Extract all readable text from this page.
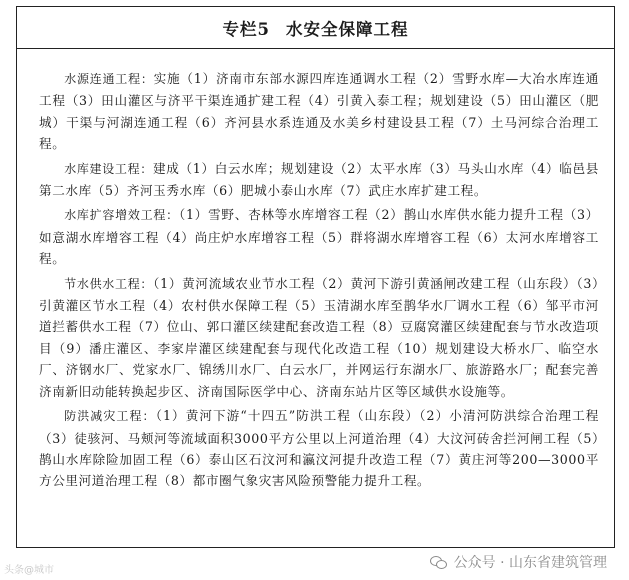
专栏5 水安全保障工程

水源连通工程：实施（1）济南市东部水源四库连通调水工程（2）雪野水库—大冶水库连通工程（3）田山灌区与济平干渠连通扩建工程（4）引黄入泰工程；规划建设（5）田山灌区（肥城）干渠与河湖连通工程（6）齐河县水系连通及水美乡村建设县工程（7）土马河综合治理工程。

水库建设工程：建成（1）白云水库；规划建设（2）太平水库（3）马头山水库（4）临邑县第二水库（5）齐河玉秀水库（6）肥城小泰山水库（7）武庄水库扩建工程。

水库扩容增效工程：（1）雪野、杏林等水库增容工程（2）鹊山水库供水能力提升工程（3）如意湖水库增容工程（4）尚庄炉水库增容工程（5）群将湖水库增容工程（6）太河水库增容工程。

节水供水工程：（1）黄河流域农业节水工程（2）黄河下游引黄涵闸改建工程（山东段）（3）引黄灌区节水工程（4）农村供水保障工程（5）玉清湖水库至鹊华水厂调水工程（6）邹平市河道拦蓄供水工程（7）位山、郭口灌区续建配套改造工程（8）豆腐窝灌区续建配套与节水改造项目（9）潘庄灌区、李家岸灌区续建配套与现代化改造工程（10）规划建设大桥水厂、临空水厂、济钢水厂、党家水厂、锦绣川水厂、白云水厂，并网运行东湖水厂、旅游路水厂；配套完善济南新旧动能转换起步区、济南国际医学中心、济南东站片区等区域供水设施等。

防洪减灾工程：（1）黄河下游“十四五”防洪工程（山东段）（2）小清河防洪综合治理工程（3）徒骇河、马颊河等流域面积3000平方公里以上河道治理（4）大汶河砖舍拦河闸工程（5）鹊山水库除险加固工程（6）泰山区石汶河和瀛汶河提升改造工程（7）黄庄河等200—3000平方公里河道治理工程（8）都市圈气象灾害风险预警能力提升工程。

公众号 · 山东省建筑管理
头条@城市
